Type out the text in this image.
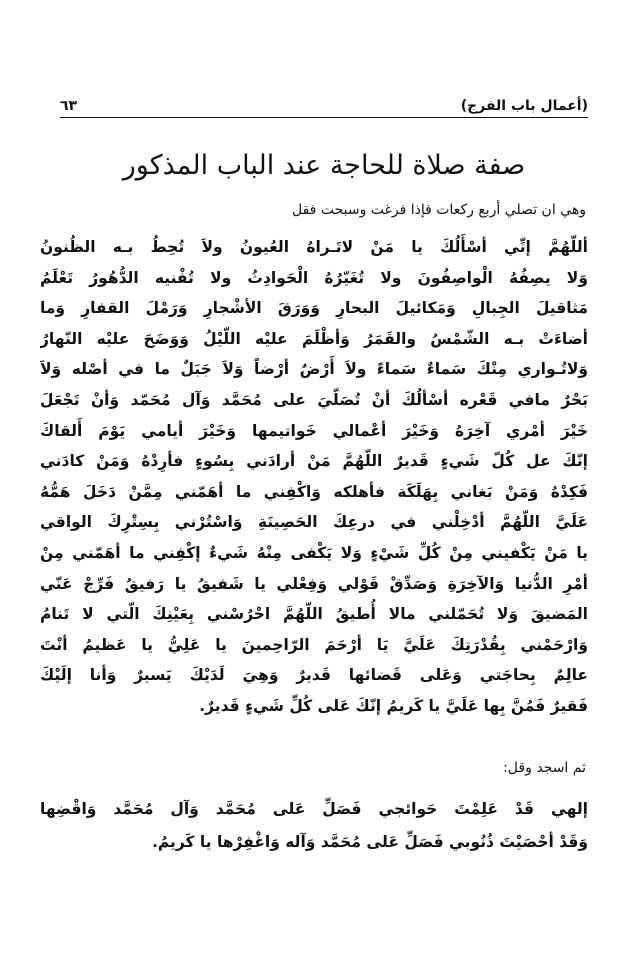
(أعمال باب الفرج)
٦٣
صفة صلاة للحاجة عند الباب المذكور
وهي ان تصلي أربع ركعات فإذا فرغت وسبحت فقل
أللّهُمَّ إنِّي أسْأَلُكَ يا مَنْ لاتَـراهُ العُيونُ ولاَ تُحِطُ بـه الظُنونُ
وَلا يصِفُهُ الْواصِفُونَ ولا تُغَيّرُهُ الْحَوادِثُ ولا تُفْنيه الدُّهُورُ تَعْلَمُ
مَثاقيلَ الجِبالِ وَمَكائيلَ البحارِ وَوَرَقَ الأشْجارِ وَرَمْلَ القفارِ وَما
أضاءَتْ بـه الشّمْسُ والقَمَرُ وَأظْلَمَ عليْه اللّيْلُ وَوَضَحَ عليْه النّهارُ
وَلاتُـواري مِنْكَ سَماءٌ سَماءً ولاَ أَرْضٌ أرْضاً وَلاَ جَبَلٌ ما في أصْله وَلاَ
بَحْرٌ مافي قَعْره أسْألُكَ أنْ تُصَلّيَ على مُحَمَّد وَآل مُحَمّد وَأنْ تَجْعَلَ
خَيْرَ أمْري آخِرَهُ وَخَيْرَ أعْمالي خَواتيمها وَخَيْرَ أيامي يَوْمَ أَلقاكَ
إنّكَ عل كُلّ شَيءٍ قَديرٌ اللّهُمَّ مَنْ أرادَني بِسُوءٍ فأرِدْهُ وَمَنْ كادَني
فَكِدْهُ وَمَنْ بَغاني بِهَلَكَة فأهلكه وَاكْفِني ما أهَمّني مِمَّنْ دَخَلَ هَمُّهُ
عَلَيَّ اللّهُمَّ أدْخِلْني في درعِكَ الحَصِينَةِ وَاسْتُرْني بِسِتْرِكَ الواقي
يا مَنْ يَكْفيني مِنْ كُلِّ شَيْءٍ وَلا يَكْفى مِنْهُ شَيءٌ إكْفِني ما أهَمّني مِنْ
أمْرِ الدُّنيا وَالآخِرَةِ وَصَدِّقْ قَوْلي وَفِعْلي يا شَفيقُ يا رَفيقُ فَرِّجْ عَنّي
المَضيقَ وَلا تُحَمّلني مالا أُطيقُ اللّهُمَّ احْرُسْني بِعَيْنِكَ الّتي لا تَنامُ
وَارْحَمْني بِقُدْرَتِكَ عَلَيَّ يَا أرْحَمَ الرّاحِمينَ يا عَلِيُّ يا عَظيمُ أنْتَ
عالِمٌ بِحاجَتي وَعَلى قَضائها قَديرٌ وَهِيَ لَدَيْكَ يَسيرٌ وَأنا إلَيْكَ
فَقيرٌ فَمُنَّ بِها عَلَيَّ يا كَريمُ إنّكَ عَلى كُلِّ شَيءٍ قَديرٌ.
ثم اسجد وقل:
إلهي قَدْ عَلِمْتَ حَوائجي فَصَلِّ عَلى مُحَمَّد وَآل مُحَمَّد وَاقْضِها
وَقَدْ أحْصَيْتَ ذُنُوبي فَصَلِّ عَلى مُحَمَّد وَآله وَاغْفِرْها يا كَريمُ.
